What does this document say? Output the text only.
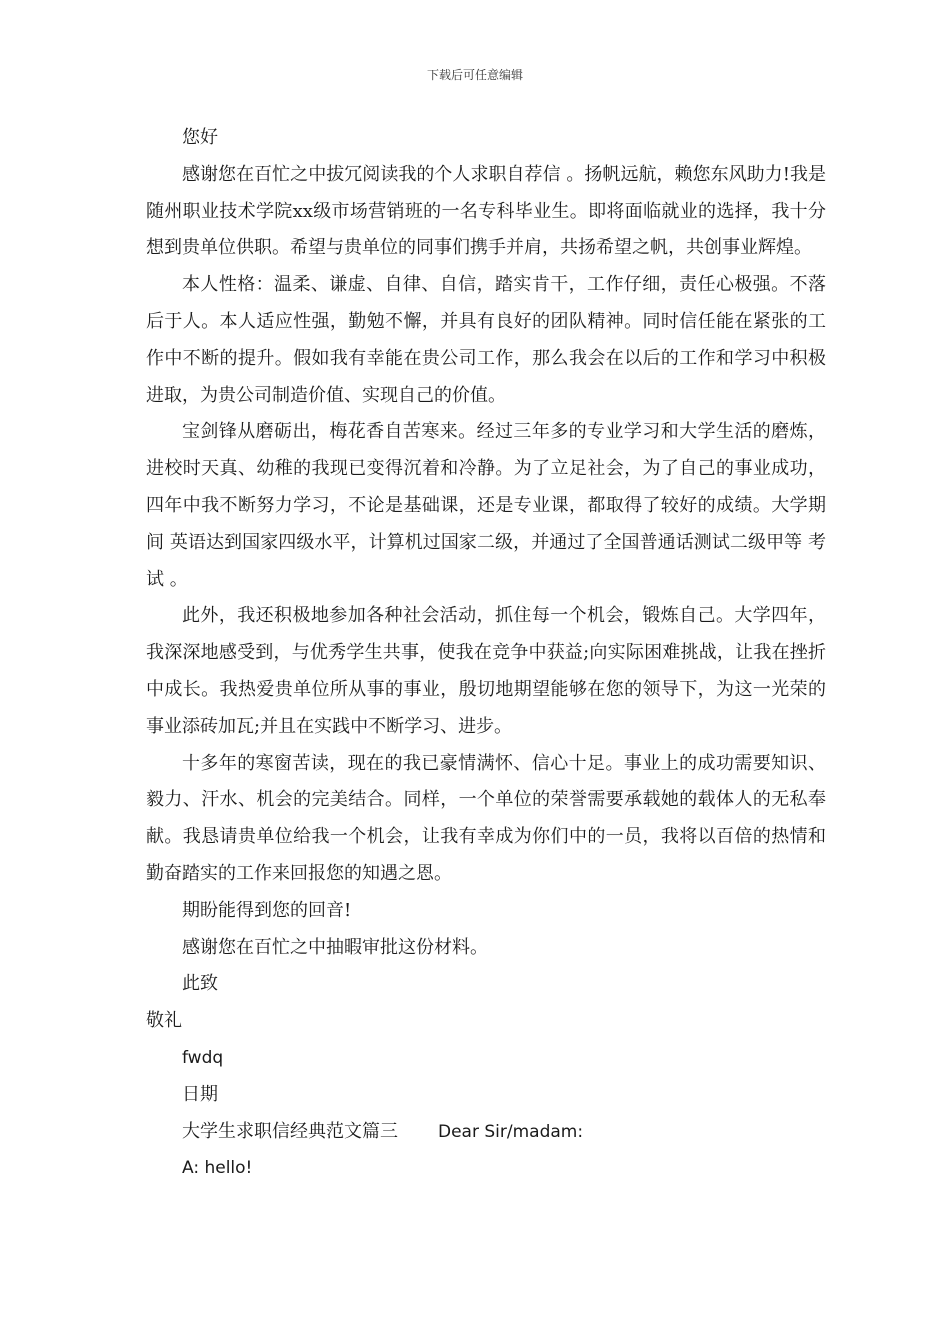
下载后可任意编辑

您好

感谢您在百忙之中拔冗阅读我的个人求职自荐信 。扬帆远航，赖您东风助力!我是随州职业技术学院xx级市场营销班的一名专科毕业生。即将面临就业的选择，我十分想到贵单位供职。希望与贵单位的同事们携手并肩，共扬希望之帆，共创事业辉煌。

本人性格：温柔、谦虚、自律、自信，踏实肯干，工作仔细，责任心极强。不落后于人。本人适应性强，勤勉不懈，并具有良好的团队精神。同时信任能在紧张的工作中不断的提升。假如我有幸能在贵公司工作，那么我会在以后的工作和学习中积极进取，为贵公司制造价值、实现自己的价值。

宝剑锋从磨砺出，梅花香自苦寒来。经过三年多的专业学习和大学生活的磨炼，进校时天真、幼稚的我现已变得沉着和冷静。为了立足社会，为了自己的事业成功，四年中我不断努力学习，不论是基础课，还是专业课，都取得了较好的成绩。大学期间 英语达到国家四级水平，计算机过国家二级，并通过了全国普通话测试二级甲等 考试 。

此外，我还积极地参加各种社会活动，抓住每一个机会，锻炼自己。大学四年，我深深地感受到，与优秀学生共事，使我在竞争中获益;向实际困难挑战，让我在挫折中成长。我热爱贵单位所从事的事业，殷切地期望能够在您的领导下，为这一光荣的事业添砖加瓦;并且在实践中不断学习、进步。

十多年的寒窗苦读，现在的我已豪情满怀、信心十足。事业上的成功需要知识、毅力、汗水、机会的完美结合。同样，一个单位的荣誉需要承载她的载体人的无私奉献。我恳请贵单位给我一个机会，让我有幸成为你们中的一员，我将以百倍的热情和勤奋踏实的工作来回报您的知遇之恩。

期盼能得到您的回音!

感谢您在百忙之中抽暇审批这份材料。

此致

敬礼

fwdq

日期

大学生求职信经典范文篇三 Dear Sir/madam:

A: hello!
